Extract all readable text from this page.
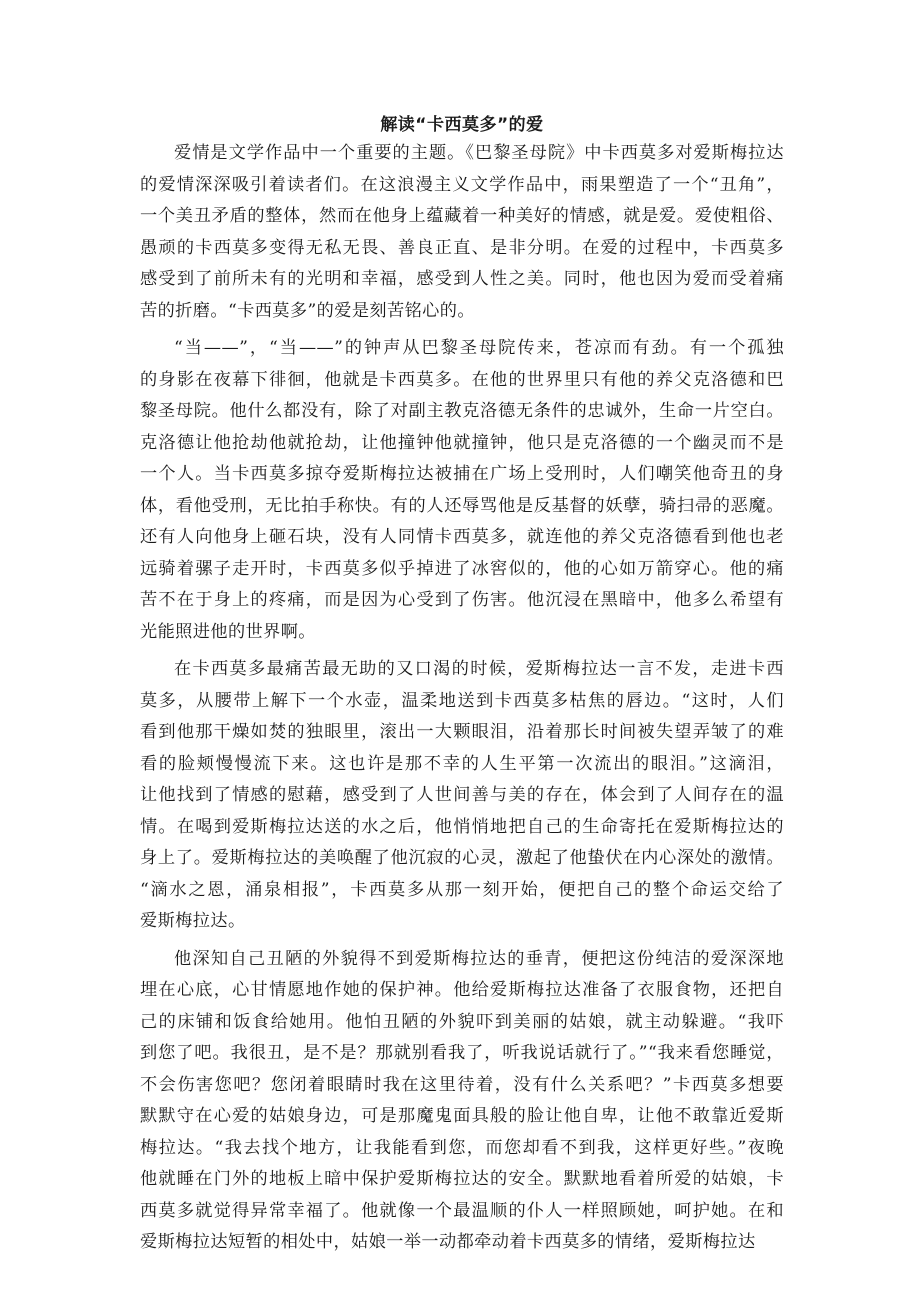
解读“卡西莫多”的爱
爱情是文学作品中一个重要的主题。《巴黎圣母院》中卡西莫多对爱斯梅拉达
的爱情深深吸引着读者们。在这浪漫主义文学作品中，雨果塑造了一个“丑角”，
一个美丑矛盾的整体，然而在他身上蕴藏着一种美好的情感，就是爱。爱使粗俗、
愚顽的卡西莫多变得无私无畏、善良正直、是非分明。在爱的过程中，卡西莫多
感受到了前所未有的光明和幸福，感受到人性之美。同时，他也因为爱而受着痛
苦的折磨。“卡西莫多”的爱是刻苦铭心的。
“当——”，“当——”的钟声从巴黎圣母院传来，苍凉而有劲。有一个孤独
的身影在夜幕下徘徊，他就是卡西莫多。在他的世界里只有他的养父克洛德和巴
黎圣母院。他什么都没有，除了对副主教克洛德无条件的忠诚外，生命一片空白。
克洛德让他抢劫他就抢劫，让他撞钟他就撞钟，他只是克洛德的一个幽灵而不是
一个人。当卡西莫多掠夺爱斯梅拉达被捕在广场上受刑时，人们嘲笑他奇丑的身
体，看他受刑，无比拍手称快。有的人还辱骂他是反基督的妖孽，骑扫帚的恶魔。
还有人向他身上砸石块，没有人同情卡西莫多，就连他的养父克洛德看到他也老
远骑着骡子走开时，卡西莫多似乎掉进了冰窖似的，他的心如万箭穿心。他的痛
苦不在于身上的疼痛，而是因为心受到了伤害。他沉浸在黑暗中，他多么希望有
光能照进他的世界啊。
在卡西莫多最痛苦最无助的又口渴的时候，爱斯梅拉达一言不发，走进卡西
莫多，从腰带上解下一个水壶，温柔地送到卡西莫多枯焦的唇边。“这时，人们
看到他那干燥如焚的独眼里，滚出一大颗眼泪，沿着那长时间被失望弄皱了的难
看的脸颊慢慢流下来。这也许是那不幸的人生平第一次流出的眼泪。”这滴泪，
让他找到了情感的慰藉，感受到了人世间善与美的存在，体会到了人间存在的温
情。在喝到爱斯梅拉达送的水之后，他悄悄地把自己的生命寄托在爱斯梅拉达的
身上了。爱斯梅拉达的美唤醒了他沉寂的心灵，激起了他蛰伏在内心深处的激情。
“滴水之恩，涌泉相报”，卡西莫多从那一刻开始，便把自己的整个命运交给了
爱斯梅拉达。
他深知自己丑陋的外貌得不到爱斯梅拉达的垂青，便把这份纯洁的爱深深地
埋在心底，心甘情愿地作她的保护神。他给爱斯梅拉达准备了衣服食物，还把自
己的床铺和饭食给她用。他怕丑陋的外貌吓到美丽的姑娘，就主动躲避。“我吓
到您了吧。我很丑，是不是？那就别看我了，听我说话就行了。”“我来看您睡觉，
不会伤害您吧？您闭着眼睛时我在这里待着，没有什么关系吧？”卡西莫多想要
默默守在心爱的姑娘身边，可是那魔鬼面具般的脸让他自卑，让他不敢靠近爱斯
梅拉达。“我去找个地方，让我能看到您，而您却看不到我，这样更好些。”夜晚
他就睡在门外的地板上暗中保护爱斯梅拉达的安全。默默地看着所爱的姑娘，卡
西莫多就觉得异常幸福了。他就像一个最温顺的仆人一样照顾她，呵护她。在和
爱斯梅拉达短暂的相处中，姑娘一举一动都牵动着卡西莫多的情绪，爱斯梅拉达
